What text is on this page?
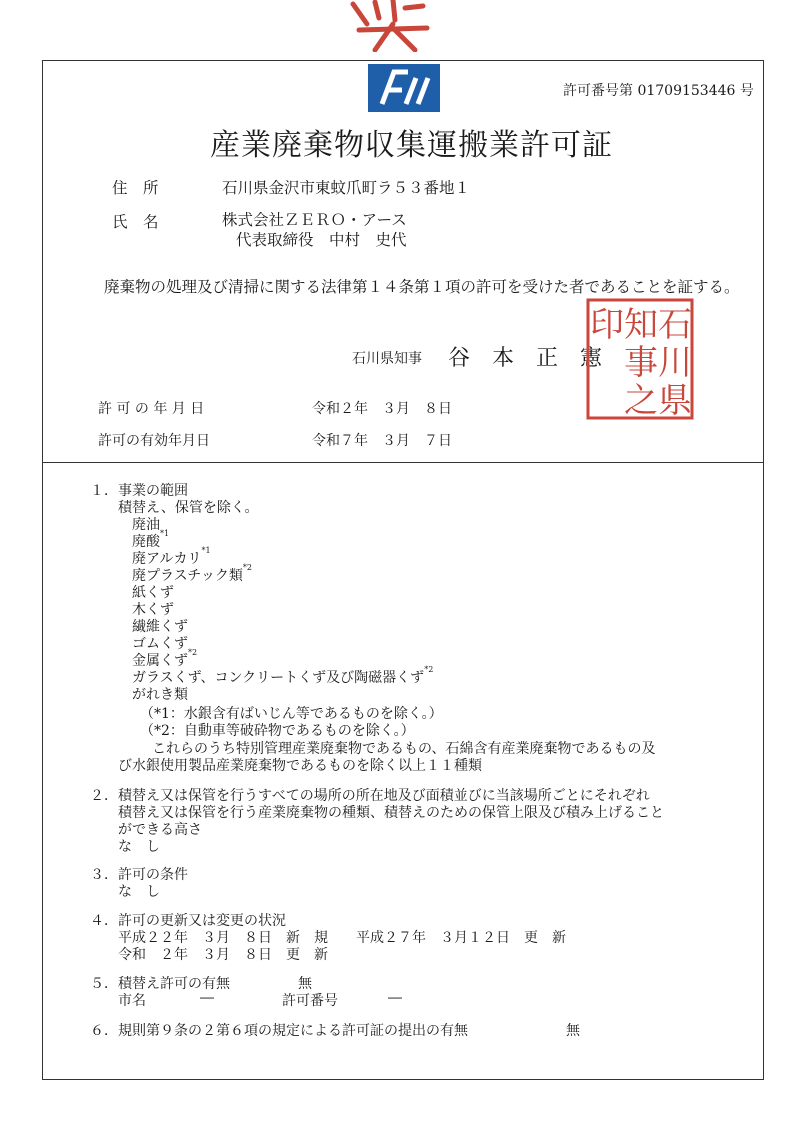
許可番号第 01709153446 号
産業廃棄物収集運搬業許可証
住　所	石川県金沢市東蚊爪町ラ５３番地１
氏　名	株式会社ＺＥＲＯ・アース
代表取締役　中村　史代
廃棄物の処理及び清掃に関する法律第１４条第１項の許可を受けた者であることを証する。
石川県知事 谷　本　正　憲
石川県
知事之
印
許 可 の 年 月 日	令和２年　３月　８日
許可の有効年月日	令和７年　３月　７日
１．事業の範囲
積替え、保管を除く。
廃油
廃酸$^{*1}$
廃アルカリ$^{*1}$
廃プラスチック類$^{*2}$
紙くず
木くず
繊維くず
ゴムくず
金属くず$^{*2}$
ガラスくず、コンクリートくず及び陶磁器くず$^{*2}$
がれき類
（*1：水銀含有ばいじん等であるものを除く。）
（*2：自動車等破砕物であるものを除く。）
これらのうち特別管理産業廃棄物であるもの、石綿含有産業廃棄物であるもの及
び水銀使用製品産業廃棄物であるものを除く以上１１種類
２．積替え又は保管を行うすべての場所の所在地及び面積並びに当該場所ごとにそれぞれ
積替え又は保管を行う産業廃棄物の種類、積替えのための保管上限及び積み上げること
ができる高さ
な　し
３．許可の条件
な　し
４．許可の更新又は変更の状況
平成２２年　３月　８日　新　規　　平成２７年　３月１２日　更　新
令和　２年　３月　８日　更　新
５．積替え許可の有無	無
市名	―	許可番号	―
６．規則第９条の２第６項の規定による許可証の提出の有無	無
